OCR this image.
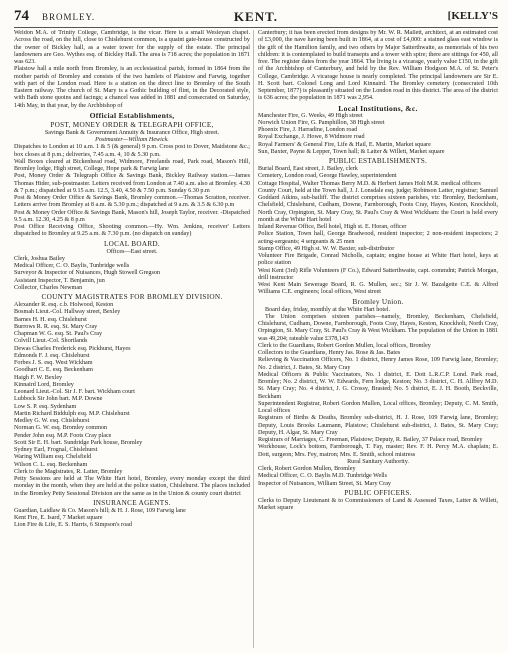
74 BROMLEY.	KENT.	[KELLY'S

Weldon M.A. of Trinity College, Cambridge, is the vicar. Here is a small Wesleyan chapel. Across the road, on the hill, close to Chislehurst common, is a quaint gate-house constructed by the owner of Bickley hall, as a water tower for the supply of the estate. The principal landowners are Geo. Wythes esq. of Bickley Hall. The area is 718 acres; the population in 1871 was 623.

Plaistow hall a mile north from Bromley, is an ecclesiastical parish, formed in 1864 from the mother parish of Bromley and consists of the two hamlets of Plaistow and Farwig, together with part of the London road. Here is a station on the direct line to Bromley of the South Eastern railway. The church of St. Mary is a Gothic building of flint, in the Decorated style, with Bath stone quoins and facings; a chancel was added in 1881 and consecrated on Saturday, 14th May, in that year, by the Archbishop of

Official Establishments,

POST, MONEY ORDER & TELEGRAPH OFFICE,

Savings Bank & Government Annuity & Insurance Office, High street.

Postmaster—William Hewick.

Dispatches to London at 10 a.m. 1 & 5 (& general) 9 p.m. Cross post to Dover, Maidstone &c.; box closes at 8 p.m.; deliveries, 7.45 a.m. 4, 10 & 5.30 p.m.

Wall Boxes cleared at Bickenhead road, Widmore, Freelands road, Park road, Mason's Hill, Bromley lodge, High street, College, Hope park & Farwig lane

Post, Money Order & Telegraph Office & Savings Bank, Bickley Railway station.—James Thomas Hider, sub-postmaster. Letters received from London at 7.40 a.m. also at Bromley. 4.30 & 7 p.m.; dispatched at 9.15 a.m. 12.5, 3.40, 4.50 & 7.50 p.m. Sunday 6.30 p.m

Post & Money Order Office & Savings Bank, Bromley common.—Thomas Scratton, receiver. Letters arrive from Bromley at 8 a.m. & 5.30 p.m.; dispatched at 9 a.m. & 3.5 & 6.30 p.m

Post & Money Order Office & Savings Bank, Mason's hill, Joseph Taylor, receiver. -Dispatched 9.5 a.m. 12.30, 4.25 & 8 p.m

Post Office Receiving Office, Shooting common.—Hy. Wm. Jenkins, receiver' Letters dispatched to Bromley at 9.25 a.m. & 7.30 p.m. (no dispatch on sunday)

LOCAL BOARD.

Offices—East street.

Clerk, Joshua Bailey

Medical Officer, C. O. Baylis, Tunbridge wells

Surveyor & Inspector of Nuisances, Hugh Stowell Gregson

Assistant Inspector, T. Benjamin, jun

Collector, Charles Newman

COUNTY MAGISTRATES FOR BROMLEY DIVISION.

Alexander R. esq. c.b. Holwood, Keston

Bosmah Lieut.-Col. Hallway street, Bexley

Barnes H. H. esq. Chislehurst

Burrows R. R. esq. St. Mary Cray

Chapman W. G. esq. St. Paul's Cray

Colvill Lieut.-Col. Shortlands

Dewas Charles Frederick esq. Pickhurst, Hayes

Edmonds F. J. esq. Chislehurst

Forbes J. S. esq. West Wickham

Goodhart C. E. esq. Beckenham

Haigh F. W. Bexley

Kinnaird Lord, Bromley

Leonard Lieut.-Col. Sir J. F. bart. Wickham court

Lubbock Sir John bart. M.P. Downe

Low S. P. esq. Sydenham

Martin Richard Biddulph esq. M.P. Chislehurst

Medley G. W. esq. Chislehurst

Norman G. W. esq. Bromley common

Pender John esq. M.P. Foots Cray place

Scott Sir E. H. bart. Sundridge Park house, Bromley

Sydney Earl, Frognal, Chislehurst

Waring William esq. Chelsfield

Wilson C. L. esq. Beckenham

Clerk to the Magistrates, R. Latter, Bromley

Petty Sessions are held at The White Hart hotel, Bromley, every monday except the third monday in the month, when they are held at the police station, Chislehurst. The places included in the Bromley Petty Sessional Division are the same as in the Union & county court district

INSURANCE AGENTS.

Guardian, Laidlaw & Co. Mason's hill; & H. J. Rose, 109 Farwig lane

Kent Fire, E. Isard, 7 Market square

Lion Fire & Life, E. S. Harris, 6 Simpson's road

Canterbury; it has been erected from designs by Mr. W. R. Mallett, architect, at an estimated cost of £3,000, the nave having been built in 1864, at a cost of £4,000: a stained glass east window is the gift of the Hamilton family, and two others by Major Satterthwaite, as memorials of his two children: it is contemplated to build transepts and a tower with spire; there are sittings for 450, all free. The register dates from the year 1864. The living is a vicarage, yearly value £150, in the gift of the Archbishop of Canterbury, and held by the Rev. William Hodgson M.A. of St. Peter's College, Cambridge. A vicarage house is nearly completed. The principal landowners are Sir E. H. Scott bart. Colonel Long and Lord Kinnaird. The Bromley cemetery (consecrated 10th September, 1877) is pleasantly situated on the London road in this district. The area of the district is 636 acres; the population in 1871 was 2,954.

Local Institutions, &c.

Manchester Fire, G. Weeks, 49 High street

Norwich Union Fire, G. Pamphillon, 38 High street

Phoenix Fire, J. Harradine, London road

Royal Exchange, J. Howe, 8 Widmore road

Royal Farmers' & General Fire, Life & Hail, E. Martin, Market square

Sun, Baxter, Payne & Lepper, Town hall; & Latter & Willett, Market square

PUBLIC ESTABLISHMENTS.

Burial Board, East street, J. Bailey, clerk

Cemetery, London road, George Hawley, superintendent

Cottage Hospital, Walter Thomas Berry M.D. & Herbert James Holt M.R. medical officers

County Court, held at the Town hall, J. J. Lonsdale esq. judge; Robinson Latter, registrar; Samuel Goddard Atkins, sub-bailiff. The district comprises sixteen parishes, viz: Bromley, Beckenham, Chelsfield, Chislehurst, Cudham, Downe, Farnborough, Foots Cray, Hayes, Keston, Knockholt, North Cray, Orpington, St. Mary Cray, St. Paul's Cray & West Wickham: the Court is held every month at the White Hart hotel

Inland Revenue Office, Bell hotel, High st. E. Horan, officer

Police Station, Town hall, George Bradwood, resident inspector; 2 non-resident inspectors; 2 acting-sergeants; 4 sergeants & 25 men

Stamp Office, 49 High st. W. W. Baxter, sub-distributor

Volunteer Fire Brigade, Conrad Nicholls, captain; engine house at White Hart hotel, keys at police station

West Kent (3rd) Rifle Volunteers (F Co.), Edward Satterthwaite, capt. commdnt; Patrick Morgan, drill instructor

West Kent Main Sewerage Board, R. G. Mullen, sec.; Sir J. W. Bazalgette C.E. & Alfred Williams C.E. engineers; local offices, West street

Bromley Union.

Board day, friday, monthly at the White Hart hotel.

The Union comprises sixteen parishes—namely, Bromley, Beckenham, Chelsfield, Chislehurst, Cudham, Downe, Farnborough, Foots Cray, Hayes, Keston, Knockholt, North Cray, Orpington, St. Mary Cray, St. Paul's Cray & West Wickham. The population of the Union in 1881 was 49,204; rateable value £378,143

Clerk to the Guardians, Robert Gordon Mullen, local offices, Bromley

Collectors to the Guardians, Henry Jas. Rose & Jas. Bates

Relieving & Vaccination Officers, No. 1 district, Henry James Rose, 109 Farwig lane, Bromley; No. 2 district, J. Bates, St. Mary Cray

Medical Officers & Public Vaccinators, No. 1 district, E. Dott L.R.C.P. Lond. Park road, Bromley; No. 2 district, W. W. Edwards, Fern lodge, Keston; No. 3 district, C. H. Allfrey M.D. St. Mary Cray; No. 4 district, J. G. Crossy, Brasted; No. 5 district, E. J. H. Booth, Beckville, Beckham

Superintendent Registrar, Robert Gordon Mullen, Local offices, Bromley; Deputy, C. M. Smith, Local offices

Registrars of Births & Deaths, Bromley sub-district, H. J. Rose, 109 Farwig lane, Bromley; Deputy, Louis Brooks Laumann, Plaistow; Chislehurst sub-district, J. Bates, St. Mary Cray; Deputy, H. Algar, St. Mary Cray

Registrars of Marriages, C. Freeman, Plaistow; Deputy, R. Bailey, 37 Palace road, Bromley

Workhouse, Lock's bottom, Farnborough, T. Fay, master; Rev. F. H. Percy M.A. chaplain; E. Dott, surgeon; Mrs. Fey, matron; Mrs. E. Smith, school mistress

Rural Sanitary Authority.

Clerk, Robert Gordon Mullen, Bromley

Medical Officer, C. O. Baylis M.D. Tunbridge Wells

Inspector of Nuisances, William Street, St. Mary Cray

PUBLIC OFFICERS.

Clerks to Deputy Lieutenant & to Commissioners of Land & Assessed Taxes, Latter & Willett, Market square
